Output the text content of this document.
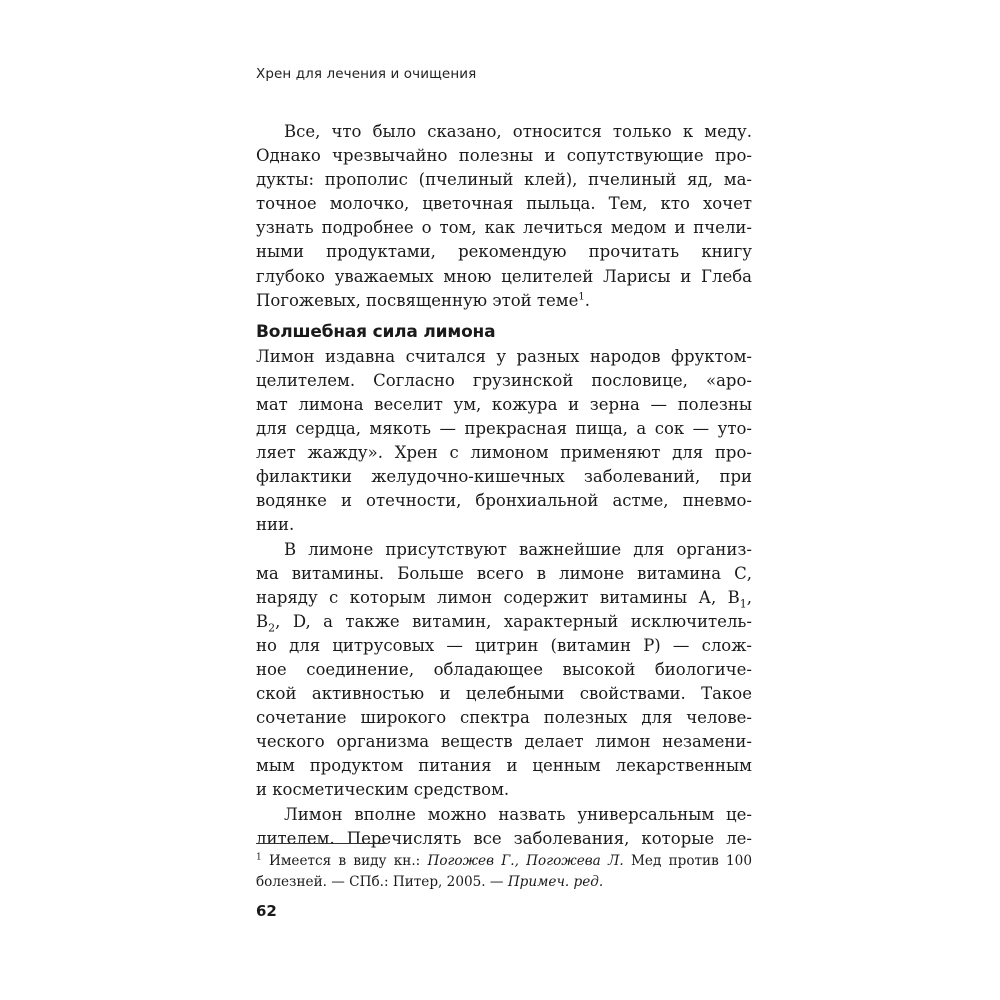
Хрен для лечения и очищения
Все, что было сказано, относится только к меду.
Однако чрезвычайно полезны и сопутствующие про-
дукты: прополис (пчелиный клей), пчелиный яд, ма-
точное молочко, цветочная пыльца. Тем, кто хочет
узнать подробнее о том, как лечиться медом и пчели-
ными продуктами, рекомендую прочитать книгу
глубоко уважаемых мною целителей Ларисы и Глеба
Погожевых, посвященную этой теме$^1$.
Волшебная сила лимона
Лимон издавна считался у разных народов фруктом-
целителем. Согласно грузинской пословице, «аро-
мат лимона веселит ум, кожура и зерна — полезны
для сердца, мякоть — прекрасная пища, а сок — уто-
ляет жажду». Хрен с лимоном применяют для про-
филактики желудочно-кишечных заболеваний, при
водянке и отечности, бронхиальной астме, пневмо-
нии.
В лимоне присутствуют важнейшие для организ-
ма витамины. Больше всего в лимоне витамина С,
наряду с которым лимон содержит витамины А, $В_1$,
$В_2$, D, а также витамин, характерный исключитель-
но для цитрусовых — цитрин (витамин Р) — слож-
ное соединение, обладающее высокой биологиче-
ской активностью и целебными свойствами. Такое
сочетание широкого спектра полезных для челове-
ческого организма веществ делает лимон незамени-
мым продуктом питания и ценным лекарственным
и косметическим средством.
Лимон вполне можно назвать универсальным це-
лителем. Перечислять все заболевания, которые ле-
$^1$ Имеется в виду кн.: Погожев Г., Погожева Л. Мед против 100
болезней. — СПб.: Питер, 2005. — Примеч. ред.
62
